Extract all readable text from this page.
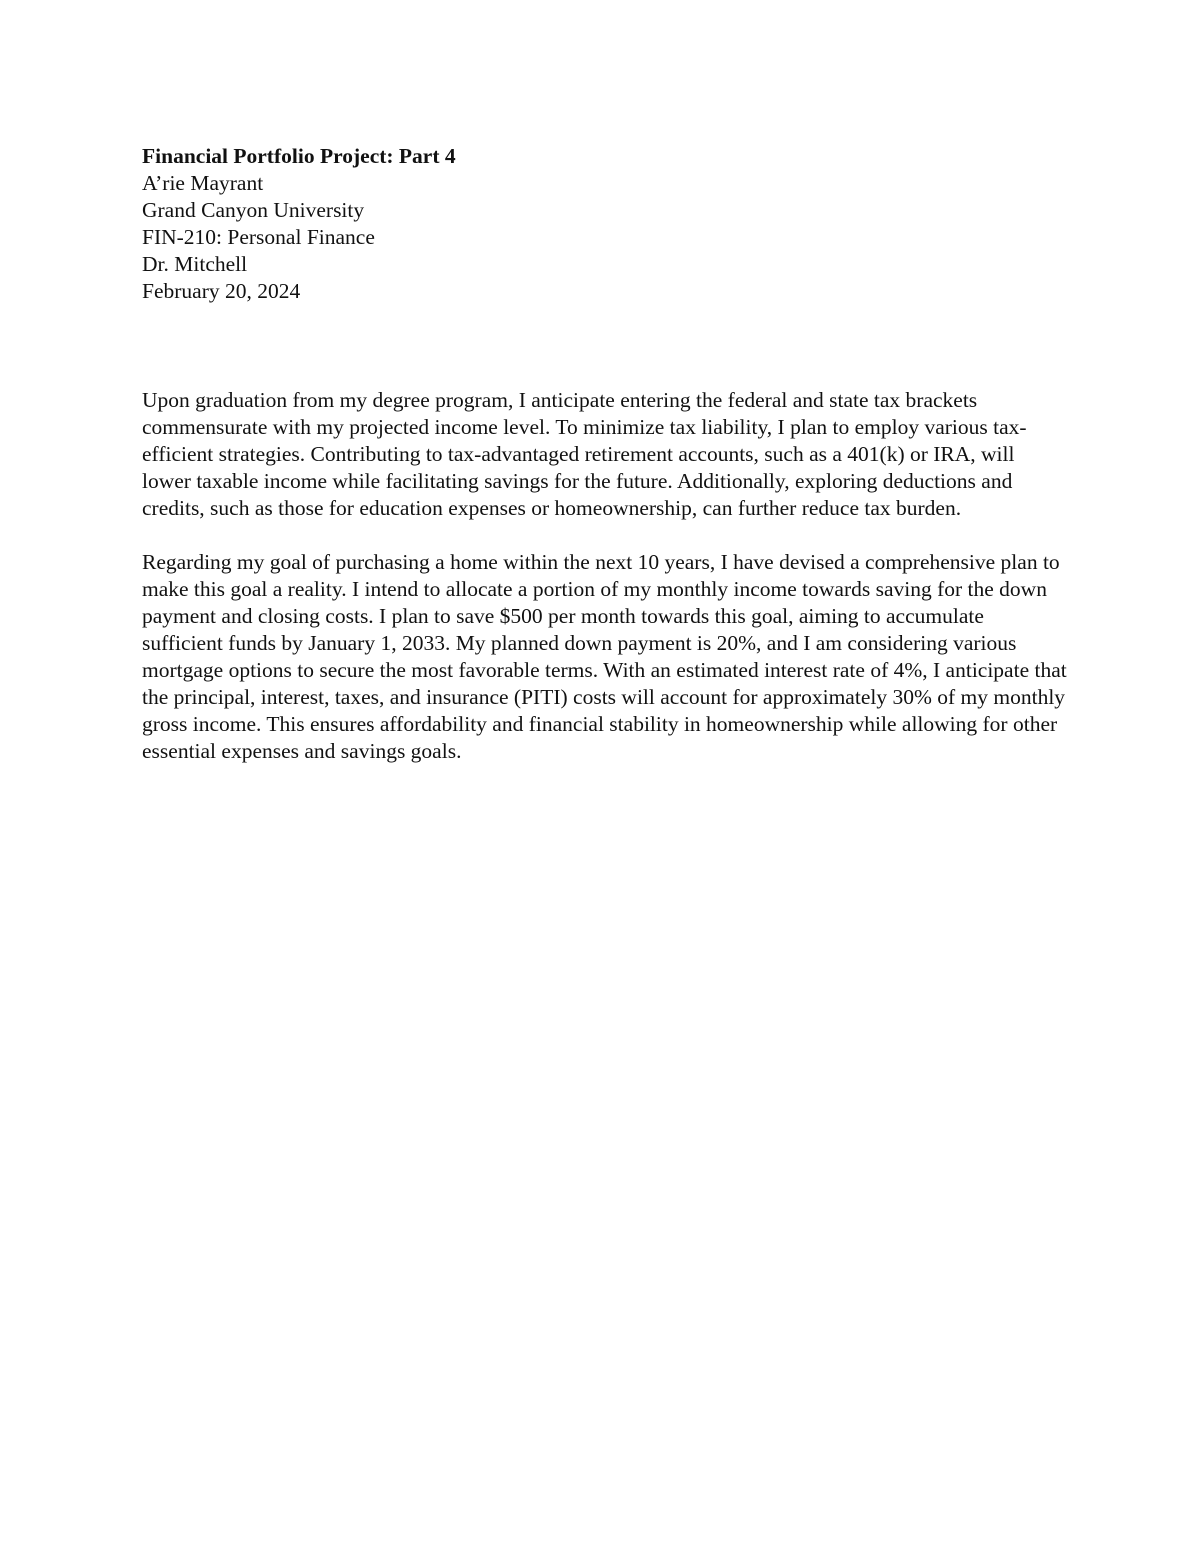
Financial Portfolio Project: Part 4
A’rie Mayrant
Grand Canyon University
FIN-210: Personal Finance
Dr. Mitchell
February 20, 2024

Upon graduation from my degree program, I anticipate entering the federal and state tax brackets commensurate with my projected income level. To minimize tax liability, I plan to employ various tax-efficient strategies. Contributing to tax-advantaged retirement accounts, such as a 401(k) or IRA, will lower taxable income while facilitating savings for the future. Additionally, exploring deductions and credits, such as those for education expenses or homeownership, can further reduce tax burden.

Regarding my goal of purchasing a home within the next 10 years, I have devised a comprehensive plan to make this goal a reality. I intend to allocate a portion of my monthly income towards saving for the down payment and closing costs. I plan to save $500 per month towards this goal, aiming to accumulate sufficient funds by January 1, 2033. My planned down payment is 20%, and I am considering various mortgage options to secure the most favorable terms. With an estimated interest rate of 4%, I anticipate that the principal, interest, taxes, and insurance (PITI) costs will account for approximately 30% of my monthly gross income. This ensures affordability and financial stability in homeownership while allowing for other essential expenses and savings goals.
